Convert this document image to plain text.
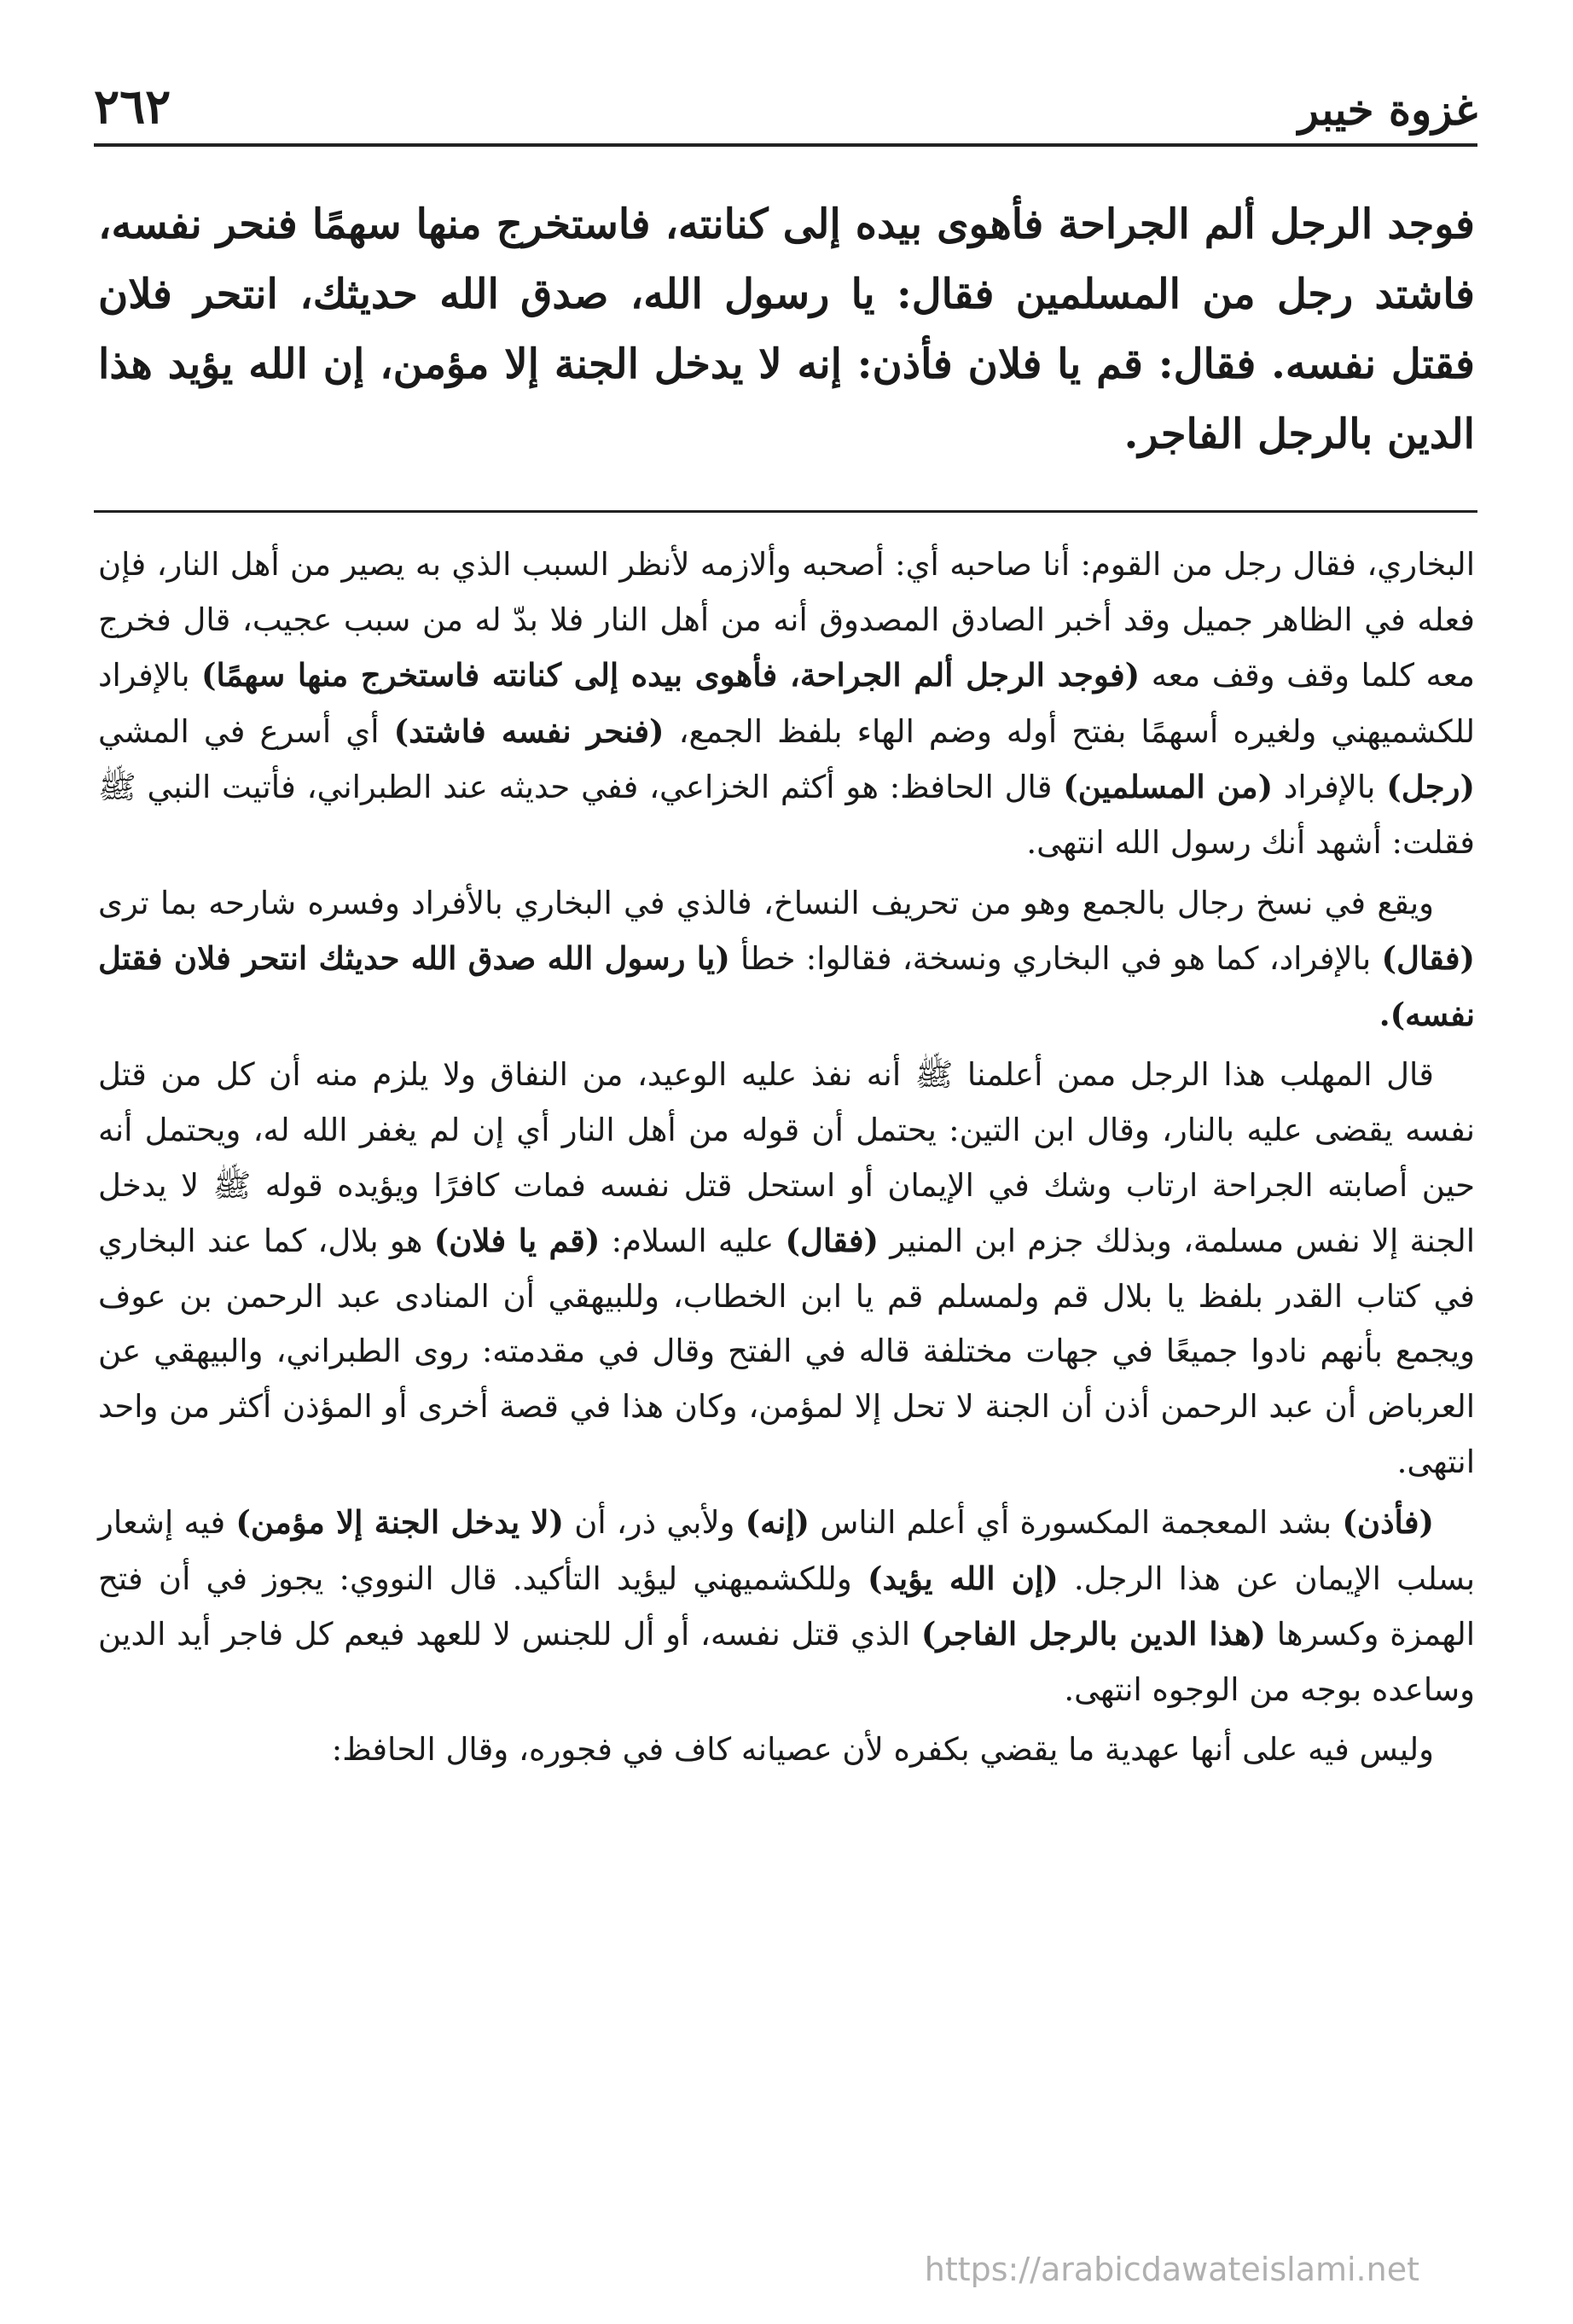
٢٦٢	غزوة خيبر
فوجد الرجل ألم الجراحة فأهوى بيده إلى كنانته، فاستخرج منها سهمًا فنحر نفسه، فاشتد رجل من المسلمين فقال: يا رسول الله، صدق الله حديثك، انتحر فلان فقتل نفسه. فقال: قم يا فلان فأذن: إنه لا يدخل الجنة إلا مؤمن، إن الله يؤيد هذا الدين بالرجل الفاجر.

البخاري، فقال رجل من القوم: أنا صاحبه أي: أصحبه وألازمه لأنظر السبب الذي به يصير من أهل النار، فإن فعله في الظاهر جميل وقد أخبر الصادق المصدوق أنه من أهل النار فلا بدّ له من سبب عجيب، قال فخرج معه كلما وقف وقف معه (فوجد الرجل ألم الجراحة، فأهوى بيده إلى كنانته فاستخرج منها سهمًا) بالإفراد للكشميهني ولغيره أسهمًا بفتح أوله وضم الهاء بلفظ الجمع، (فنحر نفسه فاشتد) أي أسرع في المشي (رجل) بالإفراد (من المسلمين) قال الحافظ: هو أكثم الخزاعي، ففي حديثه عند الطبراني، فأتيت النبي ﷺ فقلت: أشهد أنك رسول الله انتهى.

ويقع في نسخ رجال بالجمع وهو من تحريف النساخ، فالذي في البخاري بالأفراد وفسره شارحه بما ترى (فقال) بالإفراد، كما هو في البخاري ونسخة، فقالوا: خطأ (يا رسول الله صدق الله حديثك انتحر فلان فقتل نفسه).

قال المهلب هذا الرجل ممن أعلمنا ﷺ أنه نفذ عليه الوعيد، من النفاق ولا يلزم منه أن كل من قتل نفسه يقضى عليه بالنار، وقال ابن التين: يحتمل أن قوله من أهل النار أي إن لم يغفر الله له، ويحتمل أنه حين أصابته الجراحة ارتاب وشك في الإيمان أو استحل قتل نفسه فمات كافرًا ويؤيده قوله ﷺ لا يدخل الجنة إلا نفس مسلمة، وبذلك جزم ابن المنير (فقال) عليه السلام: (قم يا فلان) هو بلال، كما عند البخاري في كتاب القدر بلفظ يا بلال قم ولمسلم قم يا ابن الخطاب، وللبيهقي أن المنادى عبد الرحمن بن عوف ويجمع بأنهم نادوا جميعًا في جهات مختلفة قاله في الفتح وقال في مقدمته: روى الطبراني، والبيهقي عن العرباض أن عبد الرحمن أذن أن الجنة لا تحل إلا لمؤمن، وكان هذا في قصة أخرى أو المؤذن أكثر من واحد انتهى.

(فأذن) بشد المعجمة المكسورة أي أعلم الناس (إنه) ولأبي ذر، أن (لا يدخل الجنة إلا مؤمن) فيه إشعار بسلب الإيمان عن هذا الرجل. (إن الله يؤيد) وللكشميهني ليؤيد التأكيد. قال النووي: يجوز في أن فتح الهمزة وكسرها (هذا الدين بالرجل الفاجر) الذي قتل نفسه، أو أل للجنس لا للعهد فيعم كل فاجر أيد الدين وساعده بوجه من الوجوه انتهى.

وليس فيه على أنها عهدية ما يقضي بكفره لأن عصيانه كاف في فجوره، وقال الحافظ:

https://arabicdawateislami.net
